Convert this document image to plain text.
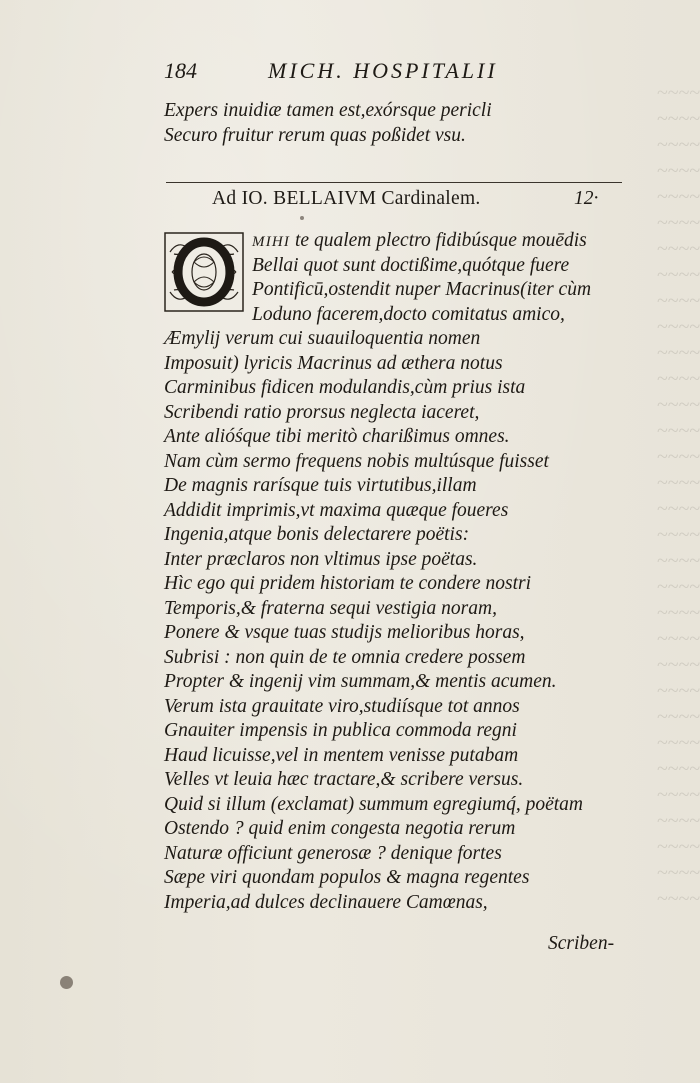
~~~~
~~~~
~~~~
~~~~
~~~~
~~~~
~~~~
~~~~
~~~~
~~~~
~~~~
~~~~
~~~~
~~~~
~~~~
~~~~
~~~~
~~~~
~~~~
~~~~
~~~~
~~~~
~~~~
~~~~
~~~~
~~~~
~~~~
~~~~
~~~~
~~~~
~~~~
~~~~
184	MICH. HOSPITALII
Expers inuidiæ tamen est,exórsque pericli
Securo fruitur rerum quas poßidet vsu.
Ad IO. BELLAIVM Cardinalem.	12·
MIHI te qualem plectro fidibúsque mouēdis
Bellai quot sunt doctißime,quótque fuere
Pontificū,ostendit nuper Macrinus(iter cùm
Loduno facerem,docto comitatus amico,
Æmylij verum cui suauiloquentia nomen
Imposuit) lyricis Macrinus ad æthera notus
Carminibus fidicen modulandis,cùm prius ista
Scribendi ratio prorsus neglecta iaceret,
Ante alióśque tibi meritò charißimus omnes.
Nam cùm sermo frequens nobis multúsque fuisset
De magnis rarísque tuis virtutibus,illam
Addidit imprimis,vt maxima quæque foueres
Ingenia,atque bonis delectarere poëtis:
Inter præclaros non vltimus ipse poëtas.
Hìc ego qui pridem historiam te condere nostri
Temporis,& fraterna sequi vestigia noram,
Ponere & vsque tuas studijs melioribus horas,
Subrisi : non quin de te omnia credere possem
Propter & ingenij vim summam,& mentis acumen.
Verum ista grauitate viro,studiísque tot annos
Gnauiter impensis in publica commoda regni
Haud licuisse,vel in mentem venisse putabam
Velles vt leuia hæc tractare,& scribere versus.
Quid si illum (exclamat) summum egregiumq́, poëtam
Ostendo ? quid enim congesta negotia rerum
Naturæ officiunt generosæ ? denique fortes
Sæpe viri quondam populos & magna regentes
Imperia,ad dulces declinauere Camœnas,
Scriben-
